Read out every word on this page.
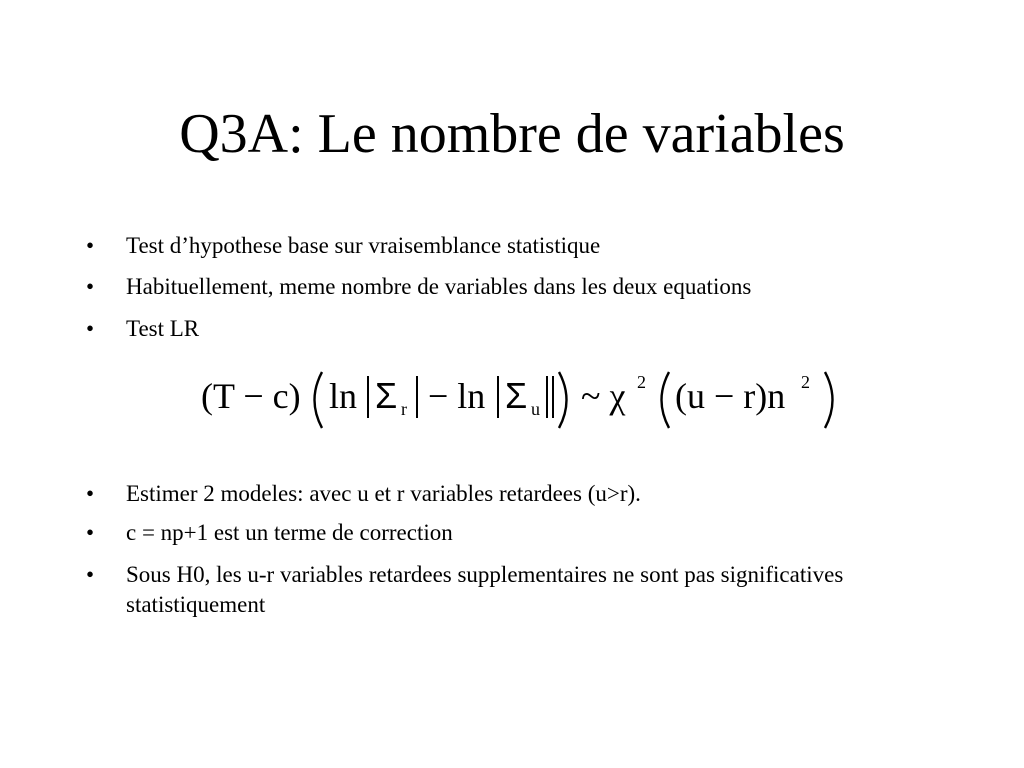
Q3A: Le nombre de variables
• Test d’hypothese base sur vraisemblance statistique
• Habituellement, meme nombre de variables dans les deux equations
• Test LR
• Estimer 2 modeles: avec u et r variables retardees (u>r).
• c = np+1 est un terme de correction
• Sous H0, les u-r variables retardees supplementaires ne sont pas significatives statistiquement
(T − c) ln Σ r − ln Σ u ~ χ 2 (u − r)n 2
